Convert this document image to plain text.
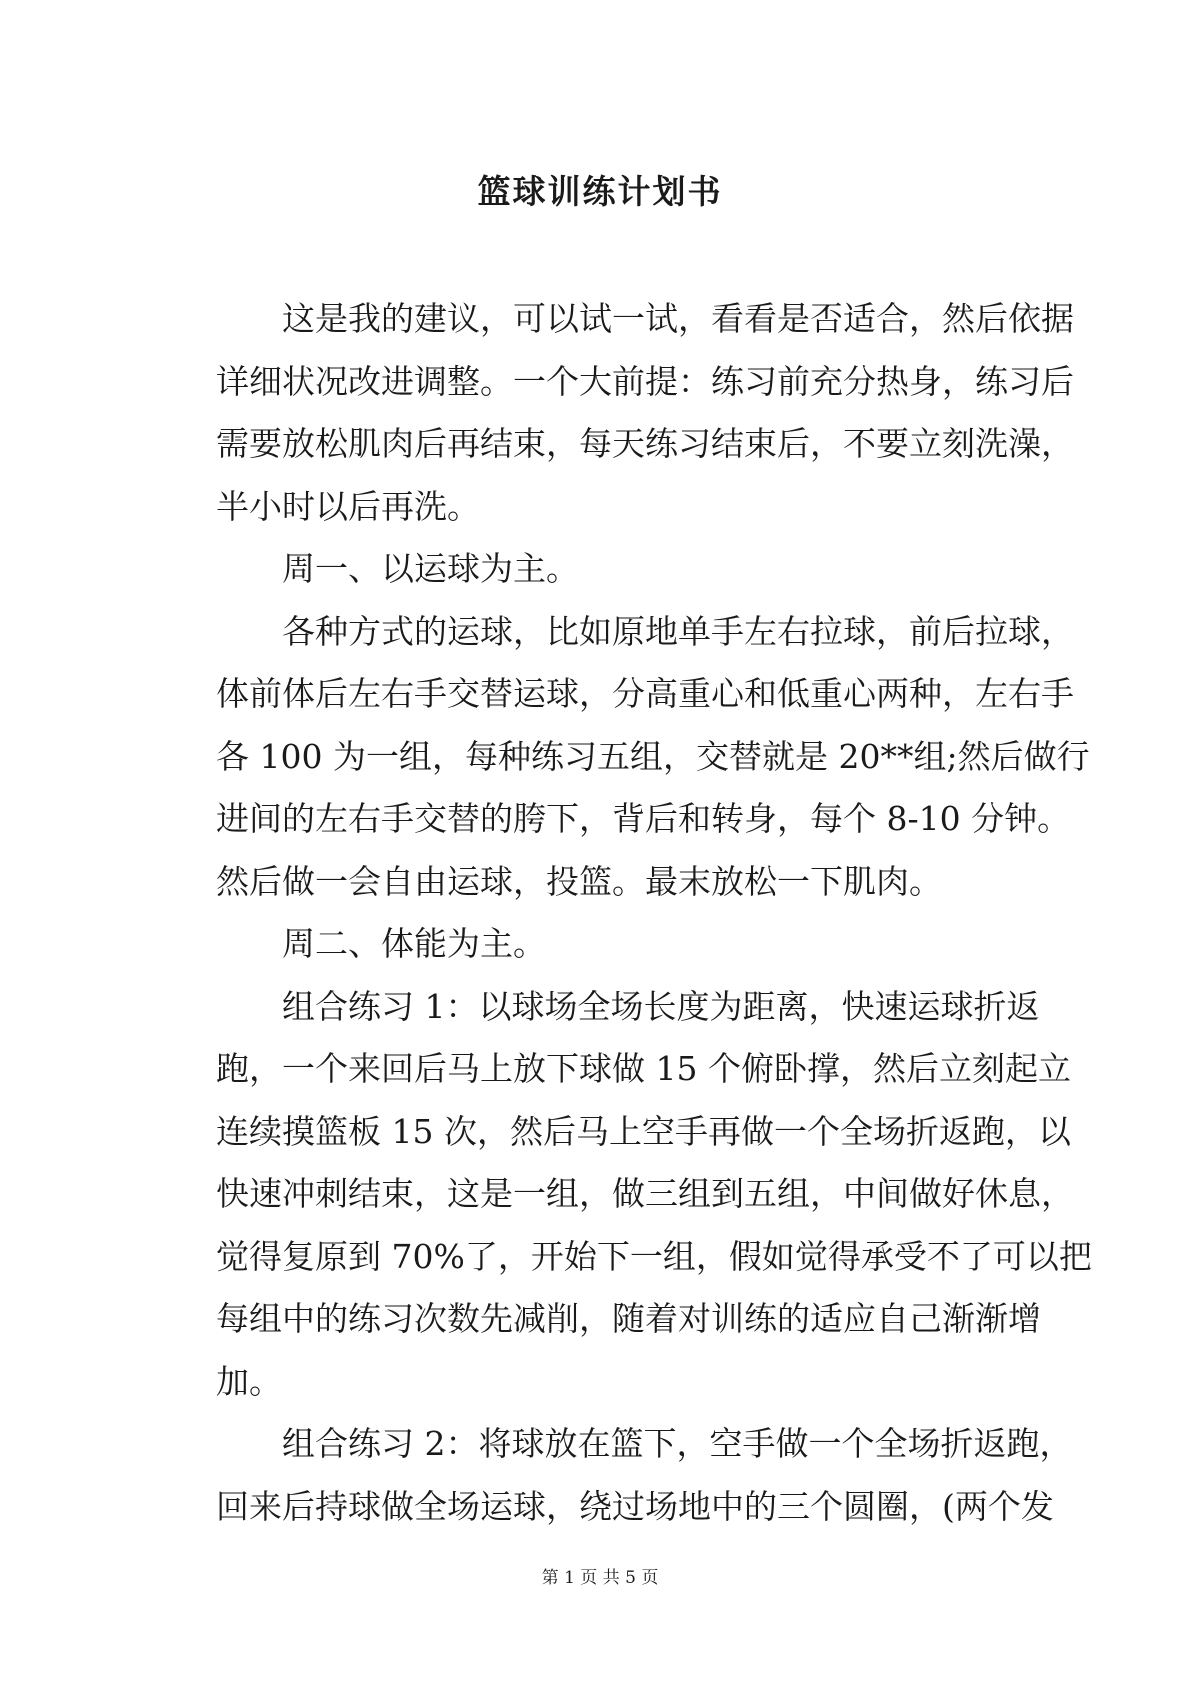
篮球训练计划书
这是我的建议，可以试一试，看看是否适合，然后依据
详细状况改进调整。一个大前提：练习前充分热身，练习后
需要放松肌肉后再结束，每天练习结束后，不要立刻洗澡，
半小时以后再洗。
周一、以运球为主。
各种方式的运球，比如原地单手左右拉球，前后拉球，
体前体后左右手交替运球，分高重心和低重心两种，左右手
各 100 为一组，每种练习五组，交替就是 20**组;然后做行
进间的左右手交替的胯下，背后和转身，每个 8-10 分钟。
然后做一会自由运球，投篮。最末放松一下肌肉。
周二、体能为主。
组合练习 1：以球场全场长度为距离，快速运球折返
跑，一个来回后马上放下球做 15 个俯卧撑，然后立刻起立
连续摸篮板 15 次，然后马上空手再做一个全场折返跑，以
快速冲刺结束，这是一组，做三组到五组，中间做好休息，
觉得复原到 70%了，开始下一组，假如觉得承受不了可以把
每组中的练习次数先减削，随着对训练的适应自己渐渐增
加。
组合练习 2：将球放在篮下，空手做一个全场折返跑，
回来后持球做全场运球，绕过场地中的三个圆圈，(两个发
第 1 页 共 5 页
